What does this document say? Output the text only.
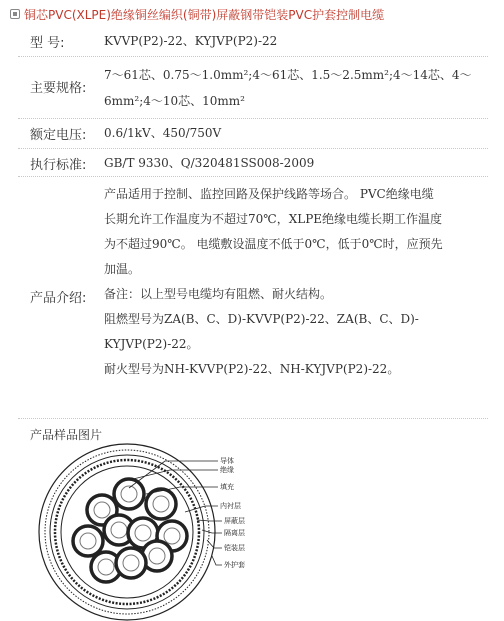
铜芯PVC(XLPE)绝缘铜丝编织(铜带)屏蔽钢带铠装PVC护套控制电缆
型 号:	KVVP(P2)-22、KYJVP(P2)-22
主要规格:
7～61芯、0.75～1.0mm²;4～61芯、1.5～2.5mm²;4～14芯、4～
6mm²;4～10芯、10mm²
额定电压: 0.6/1kV、450/750V
执行标准: GB/T 9330、Q/320481SS008-2009
产品介绍:

产品适用于控制、监控回路及保护线路等场合。 PVC绝缘电缆

长期允许工作温度为不超过70℃，XLPE绝缘电缆长期工作温度

为不超过90℃。 电缆敷设温度不低于0℃，低于0℃时，应预先

加温。

备注：以上型号电缆均有阻燃、耐火结构。

阻燃型号为ZA(B、C、D)-KVVP(P2)-22、ZA(B、C、D)-

KYJVP(P2)-22。

耐火型号为NH-KVVP(P2)-22、NH-KYJVP(P2)-22。

产品样品图片
导体
绝缘
填充
内衬层
屏蔽层
隔离层
铠装层
外护套
